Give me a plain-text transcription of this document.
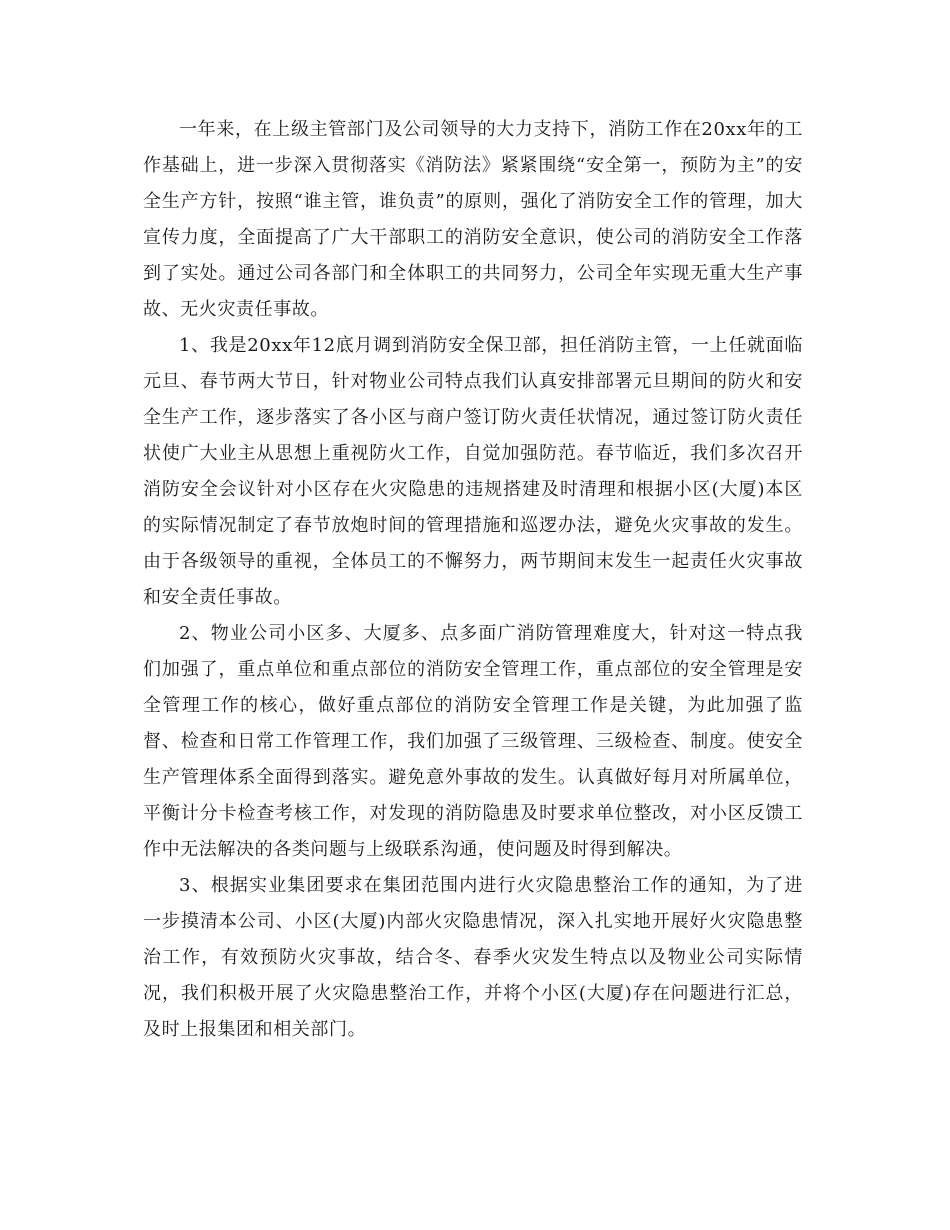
一年来，在上级主管部门及公司领导的大力支持下，消防工作在20xx年的工作基础上，进一步深入贯彻落实《消防法》紧紧围绕“安全第一，预防为主”的安全生产方针，按照“谁主管，谁负责”的原则，强化了消防安全工作的管理，加大宣传力度，全面提高了广大干部职工的消防安全意识，使公司的消防安全工作落到了实处。通过公司各部门和全体职工的共同努力，公司全年实现无重大生产事故、无火灾责任事故。

1、我是20xx年12底月调到消防安全保卫部，担任消防主管，一上任就面临元旦、春节两大节日，针对物业公司特点我们认真安排部署元旦期间的防火和安全生产工作，逐步落实了各小区与商户签订防火责任状情况，通过签订防火责任状使广大业主从思想上重视防火工作，自觉加强防范。春节临近，我们多次召开消防安全会议针对小区存在火灾隐患的违规搭建及时清理和根据小区(大厦)本区的实际情况制定了春节放炮时间的管理措施和巡逻办法，避免火灾事故的发生。由于各级领导的重视，全体员工的不懈努力，两节期间末发生一起责任火灾事故和安全责任事故。

2、物业公司小区多、大厦多、点多面广消防管理难度大，针对这一特点我们加强了，重点单位和重点部位的消防安全管理工作，重点部位的安全管理是安全管理工作的核心，做好重点部位的消防安全管理工作是关键，为此加强了监督、检查和日常工作管理工作，我们加强了三级管理、三级检查、制度。使安全生产管理体系全面得到落实。避免意外事故的发生。认真做好每月对所属单位，平衡计分卡检查考核工作，对发现的消防隐患及时要求单位整改，对小区反馈工作中无法解决的各类问题与上级联系沟通，使问题及时得到解决。

3、根据实业集团要求在集团范围内进行火灾隐患整治工作的通知，为了进一步摸清本公司、小区(大厦)内部火灾隐患情况，深入扎实地开展好火灾隐患整治工作，有效预防火灾事故，结合冬、春季火灾发生特点以及物业公司实际情况，我们积极开展了火灾隐患整治工作，并将个小区(大厦)存在问题进行汇总，及时上报集团和相关部门。
